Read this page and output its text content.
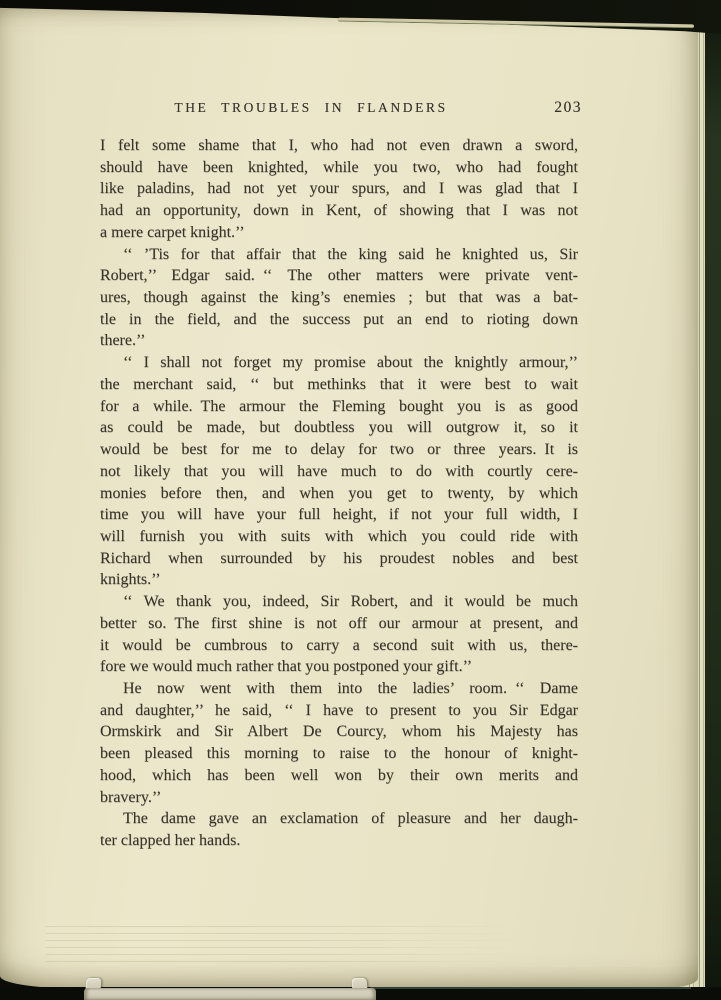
THE TROUBLES IN FLANDERS	203
I felt some shame that I, who had not even drawn a sword,
should have been knighted, while you two, who had fought
like paladins, had not yet your spurs, and I was glad that I
had an opportunity, down in Kent, of showing that I was not
a mere carpet knight.’’
‘‘ ’Tis for that affair that the king said he knighted us, Sir
Robert,’’ Edgar said. ‘‘ The other matters were private vent-
ures, though against the king’s enemies ; but that was a bat-
tle in the field, and the success put an end to rioting down
there.’’
‘‘ I shall not forget my promise about the knightly armour,’’
the merchant said, ‘‘ but methinks that it were best to wait
for a while. The armour the Fleming bought you is as good
as could be made, but doubtless you will outgrow it, so it
would be best for me to delay for two or three years. It is
not likely that you will have much to do with courtly cere-
monies before then, and when you get to twenty, by which
time you will have your full height, if not your full width, I
will furnish you with suits with which you could ride with
Richard when surrounded by his proudest nobles and best
knights.’’
‘‘ We thank you, indeed, Sir Robert, and it would be much
better so. The first shine is not off our armour at present, and
it would be cumbrous to carry a second suit with us, there-
fore we would much rather that you postponed your gift.’’
He now went with them into the ladies’ room. ‘‘ Dame
and daughter,’’ he said, ‘‘ I have to present to you Sir Edgar
Ormskirk and Sir Albert De Courcy, whom his Majesty has
been pleased this morning to raise to the honour of knight-
hood, which has been well won by their own merits and
bravery.’’
The dame gave an exclamation of pleasure and her daugh-
ter clapped her hands.
